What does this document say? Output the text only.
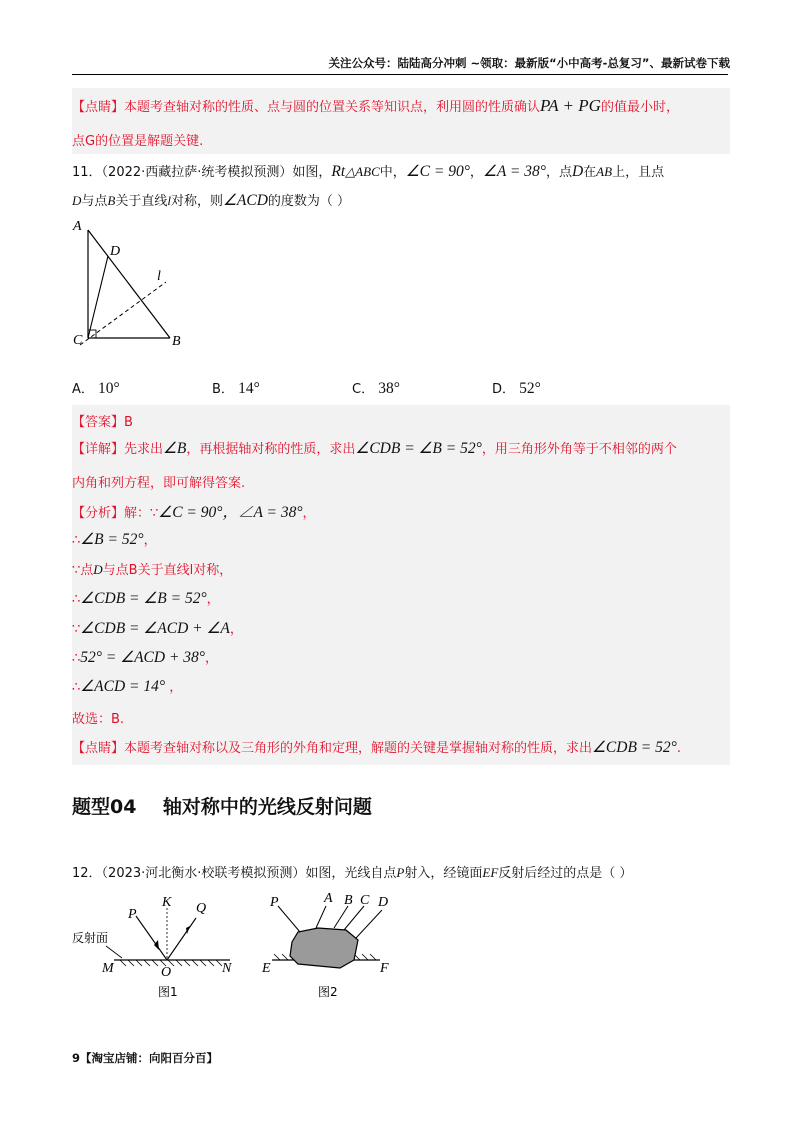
关注公众号：陆陆高分冲刺 ~领取：最新版“小中高考-总复习”、最新试卷下载
【点睛】本题考查轴对称的性质、点与圆的位置关系等知识点，利用圆的性质确认PA + PG的值最小时，
点G的位置是解题关键.
11．（2022·西藏拉萨·统考模拟预测）如图，Rt△ABC中，∠C = 90°，∠A = 38°，点D在AB上，且点
D与点B关于直线l对称，则∠ACD的度数为（ ）
A
D
l
C	B
A． 10°	B． 14°	C． 38°	D． 52°
【答案】B
【详解】先求出∠B，再根据轴对称的性质，求出∠CDB = ∠B = 52°，用三角形外角等于不相邻的两个
内角和列方程，即可解得答案.
【分析】解：∵∠C = 90°，∠A = 38°，
∴∠B = 52°，
∵点D与点B关于直线l对称，
∴∠CDB = ∠B = 52°，
∵∠CDB = ∠ACD + ∠A，
∴52° = ∠ACD + 38°，
∴∠ACD = 14° ，
故选：B.
【点睛】本题考查轴对称以及三角形的外角和定理，解题的关键是掌握轴对称的性质，求出∠CDB = 52°.
题型04    轴对称中的光线反射问题
12．（2023·河北衡水·校联考模拟预测）如图，光线自点P射入，经镜面EF反射后经过的点是（ ）
反射面
M	N
O
K
P	Q
图1
P	A B C D
E	F
图2
9【淘宝店铺：向阳百分百】
